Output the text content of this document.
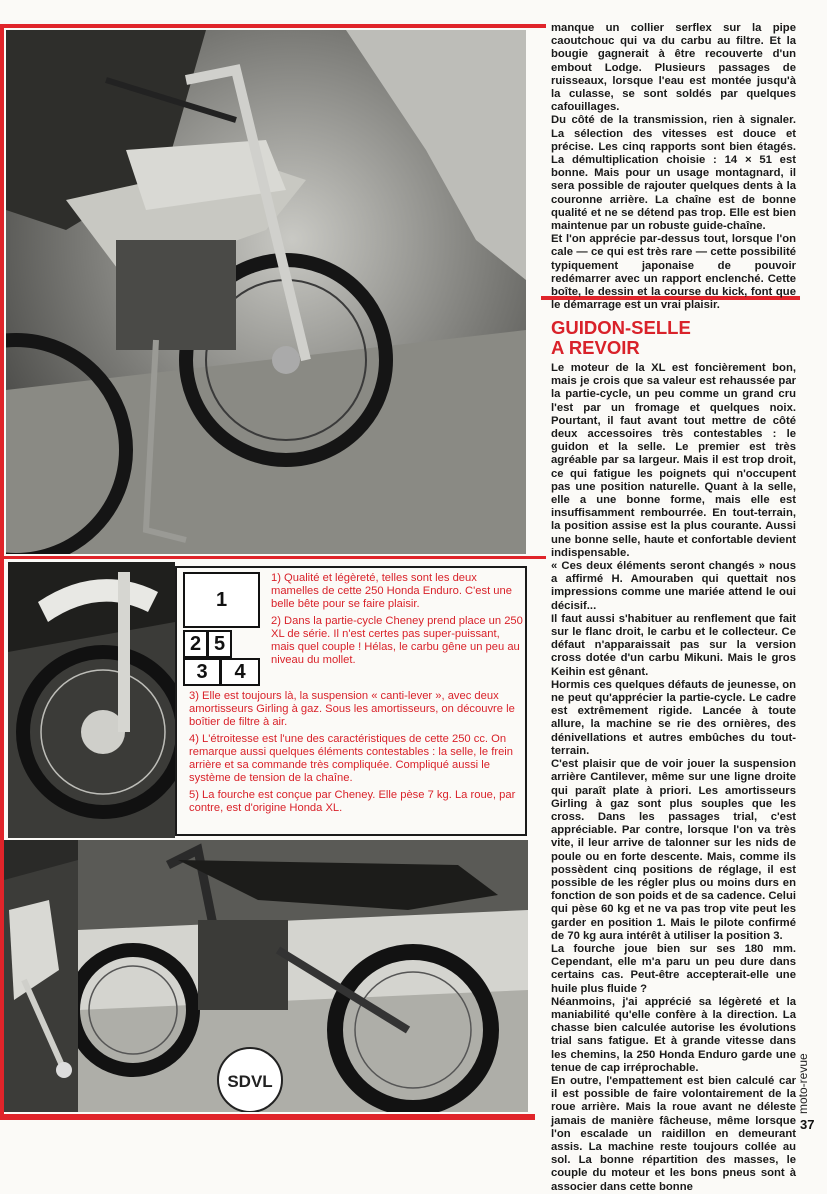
1
2 5
3	4

1) Qualité et légèreté, telles sont les deux mamelles de cette 250 Honda Enduro. C'est une belle bête pour se faire plaisir.

2) Dans la partie-cycle Cheney prend place un 250 XL de série. Il n'est certes pas super-puissant, mais quel couple ! Hélas, le carbu gêne un peu au niveau du mollet.

3) Elle est toujours là, la suspension « canti-lever », avec deux amortisseurs Girling à gaz. Sous les amortisseurs, on découvre le boîtier de filtre à air.

4) L'étroitesse est l'une des caractéristiques de cette 250 cc. On remarque aussi quelques éléments contestables : la selle, le frein arrière et sa commande très compliquée. Compliqué aussi le système de tension de la chaîne.

5) La fourche est conçue par Cheney. Elle pèse 7 kg. La roue, par contre, est d'origine Honda XL.

SDVL

manque un collier serflex sur la pipe caoutchouc qui va du carbu au filtre. Et la bougie gagnerait à être recouverte d'un embout Lodge. Plusieurs passages de ruisseaux, lorsque l'eau est montée jusqu'à la culasse, se sont soldés par quelques cafouillages.

Du côté de la transmission, rien à signaler. La sélection des vitesses est douce et précise. Les cinq rapports sont bien étagés. La démultiplication choisie : 14 × 51 est bonne. Mais pour un usage montagnard, il sera possible de rajouter quelques dents à la couronne arrière. La chaîne est de bonne qualité et ne se détend pas trop. Elle est bien maintenue par un robuste guide-chaîne.

Et l'on apprécie par-dessus tout, lorsque l'on cale — ce qui est très rare — cette possibilité typiquement japonaise de pouvoir redémarrer avec un rapport enclenché. Cette boîte, le dessin et la course du kick, font que le démarrage est un vrai plaisir.

GUIDON-SELLE
A REVOIR

Le moteur de la XL est foncièrement bon, mais je crois que sa valeur est rehaussée par la partie-cycle, un peu comme un grand cru l'est par un fromage et quelques noix. Pourtant, il faut avant tout mettre de côté deux accessoires très contestables : le guidon et la selle. Le premier est très agréable par sa largeur. Mais il est trop droit, ce qui fatigue les poignets qui n'occupent pas une position naturelle. Quant à la selle, elle a une bonne forme, mais elle est insuffisamment rembourrée. En tout-terrain, la position assise est la plus courante. Aussi une bonne selle, haute et confortable devient indispensable.

« Ces deux éléments seront changés » nous a affirmé H. Amouraben qui quettait nos impressions comme une mariée attend le oui décisif...

Il faut aussi s'habituer au renflement que fait sur le flanc droit, le carbu et le collecteur. Ce défaut n'apparaissait pas sur la version cross dotée d'un carbu Mikuni. Mais le gros Keihin est gênant.

Hormis ces quelques défauts de jeunesse, on ne peut qu'apprécier la partie-cycle. Le cadre est extrêmement rigide. Lancée à toute allure, la machine se rie des ornières, des dénivellations et autres embûches du tout-terrain.

C'est plaisir que de voir jouer la suspension arrière Cantilever, même sur une ligne droite qui paraît plate à priori. Les amortisseurs Girling à gaz sont plus souples que les cross. Dans les passages trial, c'est appréciable. Par contre, lorsque l'on va très vite, il leur arrive de talonner sur les nids de poule ou en forte descente. Mais, comme ils possèdent cinq positions de réglage, il est possible de les régler plus ou moins durs en fonction de son poids et de sa cadence. Celui qui pèse 60 kg et ne va pas trop vite peut les garder en position 1. Mais le pilote confirmé de 70 kg aura intérêt à utiliser la position 3.

La fourche joue bien sur ses 180 mm. Cependant, elle m'a paru un peu dure dans certains cas. Peut-être accepterait-elle une huile plus fluide ?

Néanmoins, j'ai apprécié sa légèreté et la maniabilité qu'elle confère à la direction. La chasse bien calculée autorise les évolutions trial sans fatigue. Et à grande vitesse dans les chemins, la 250 Honda Enduro garde une tenue de cap irréprochable.

En outre, l'empattement est bien calculé car il est possible de faire volontairement de la roue arrière. Mais la roue avant ne déleste jamais de manière fâcheuse, même lorsque l'on escalade un raidillon en demeurant assis. La machine reste toujours collée au sol. La bonne répartition des masses, le couple du moteur et les bons pneus sont à associer dans cette bonne

moto-revue
37
